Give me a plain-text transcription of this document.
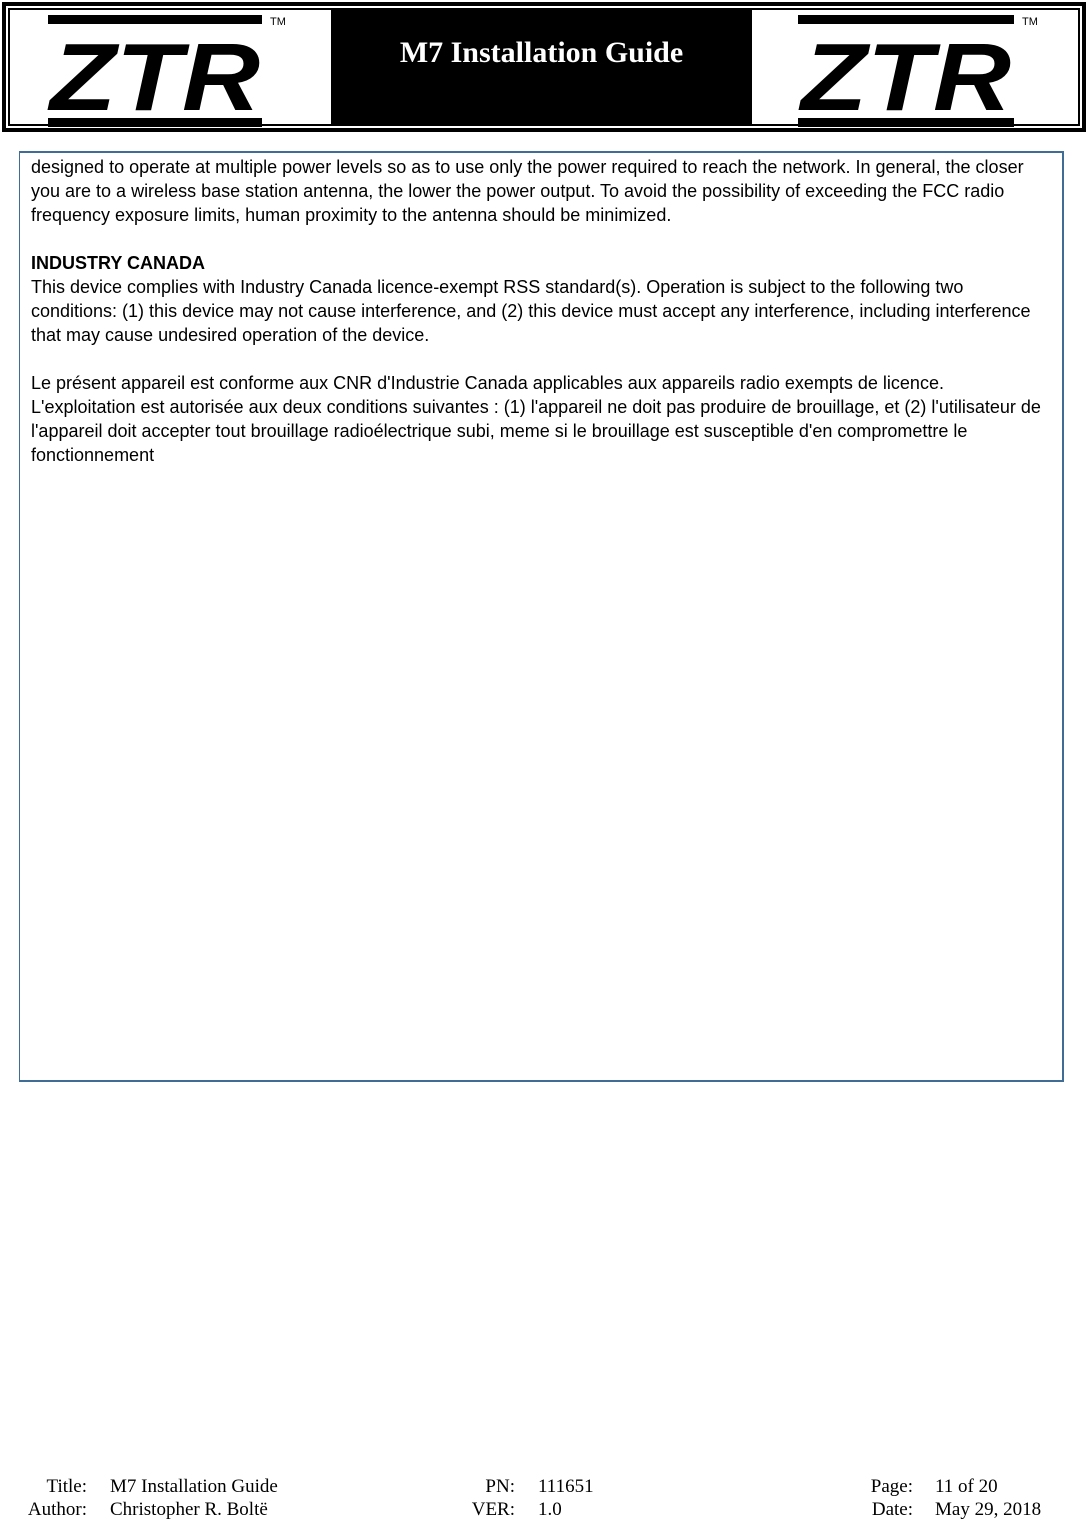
ZTR
TM
M7 Installation Guide	ZTR
TM

designed to operate at multiple power levels so as to use only the power required to reach the network. In general, the closer you are to a wireless base station antenna, the lower the power output. To avoid the possibility of exceeding the FCC radio frequency exposure limits, human proximity to the antenna should be minimized.

INDUSTRY CANADA

This device complies with Industry Canada licence-exempt RSS standard(s). Operation is subject to the following two conditions: (1) this device may not cause interference, and (2) this device must accept any interference, including interference that may cause undesired operation of the device.

Le présent appareil est conforme aux CNR d'Industrie Canada applicables aux appareils radio exempts de licence. L'exploitation est autorisée aux deux conditions suivantes : (1) l'appareil ne doit pas produire de brouillage, et (2) l'utilisateur de l'appareil doit accepter tout brouillage radioélectrique subi, meme si le brouillage est susceptible d'en compromettre le fonctionnement

Title: M7 Installation Guide	PN: 111651	Page: 11 of 20
Author: Christopher R. Boltë	VER: 1.0	Date: May 29, 2018
